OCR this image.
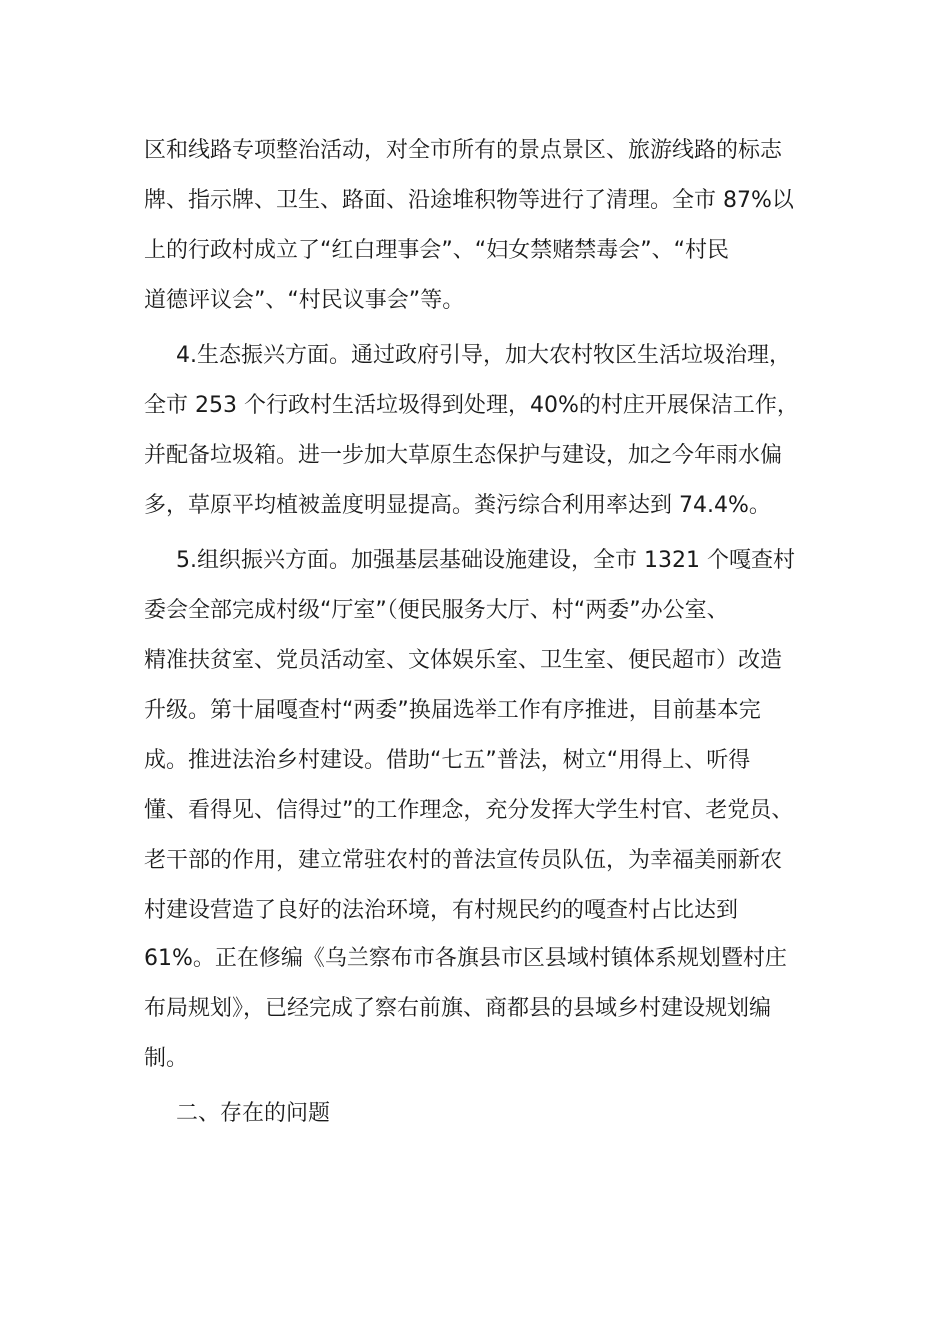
区和线路专项整治活动，对全市所有的景点景区、旅游线路的标志
牌、指示牌、卫生、路面、沿途堆积物等进行了清理。全市 87%以
上的行政村成立了“红白理事会”、“妇女禁赌禁毒会”、“村民
道德评议会”、“村民议事会”等。
4.生态振兴方面。通过政府引导，加大农村牧区生活垃圾治理，
全市 253 个行政村生活垃圾得到处理，40%的村庄开展保洁工作，
并配备垃圾箱。进一步加大草原生态保护与建设，加之今年雨水偏
多，草原平均植被盖度明显提高。粪污综合利用率达到 74.4%。
5.组织振兴方面。加强基层基础设施建设，全市 1321 个嘎查村
委会全部完成村级“厅室”（便民服务大厅、村“两委”办公室、
精准扶贫室、党员活动室、文体娱乐室、卫生室、便民超市）改造
升级。第十届嘎查村“两委”换届选举工作有序推进，目前基本完
成。推进法治乡村建设。借助“七五”普法，树立“用得上、听得
懂、看得见、信得过”的工作理念，充分发挥大学生村官、老党员、
老干部的作用，建立常驻农村的普法宣传员队伍，为幸福美丽新农
村建设营造了良好的法治环境，有村规民约的嘎查村占比达到
61%。正在修编《乌兰察布市各旗县市区县域村镇体系规划暨村庄
布局规划》，已经完成了察右前旗、商都县的县域乡村建设规划编
制。
二、存在的问题
